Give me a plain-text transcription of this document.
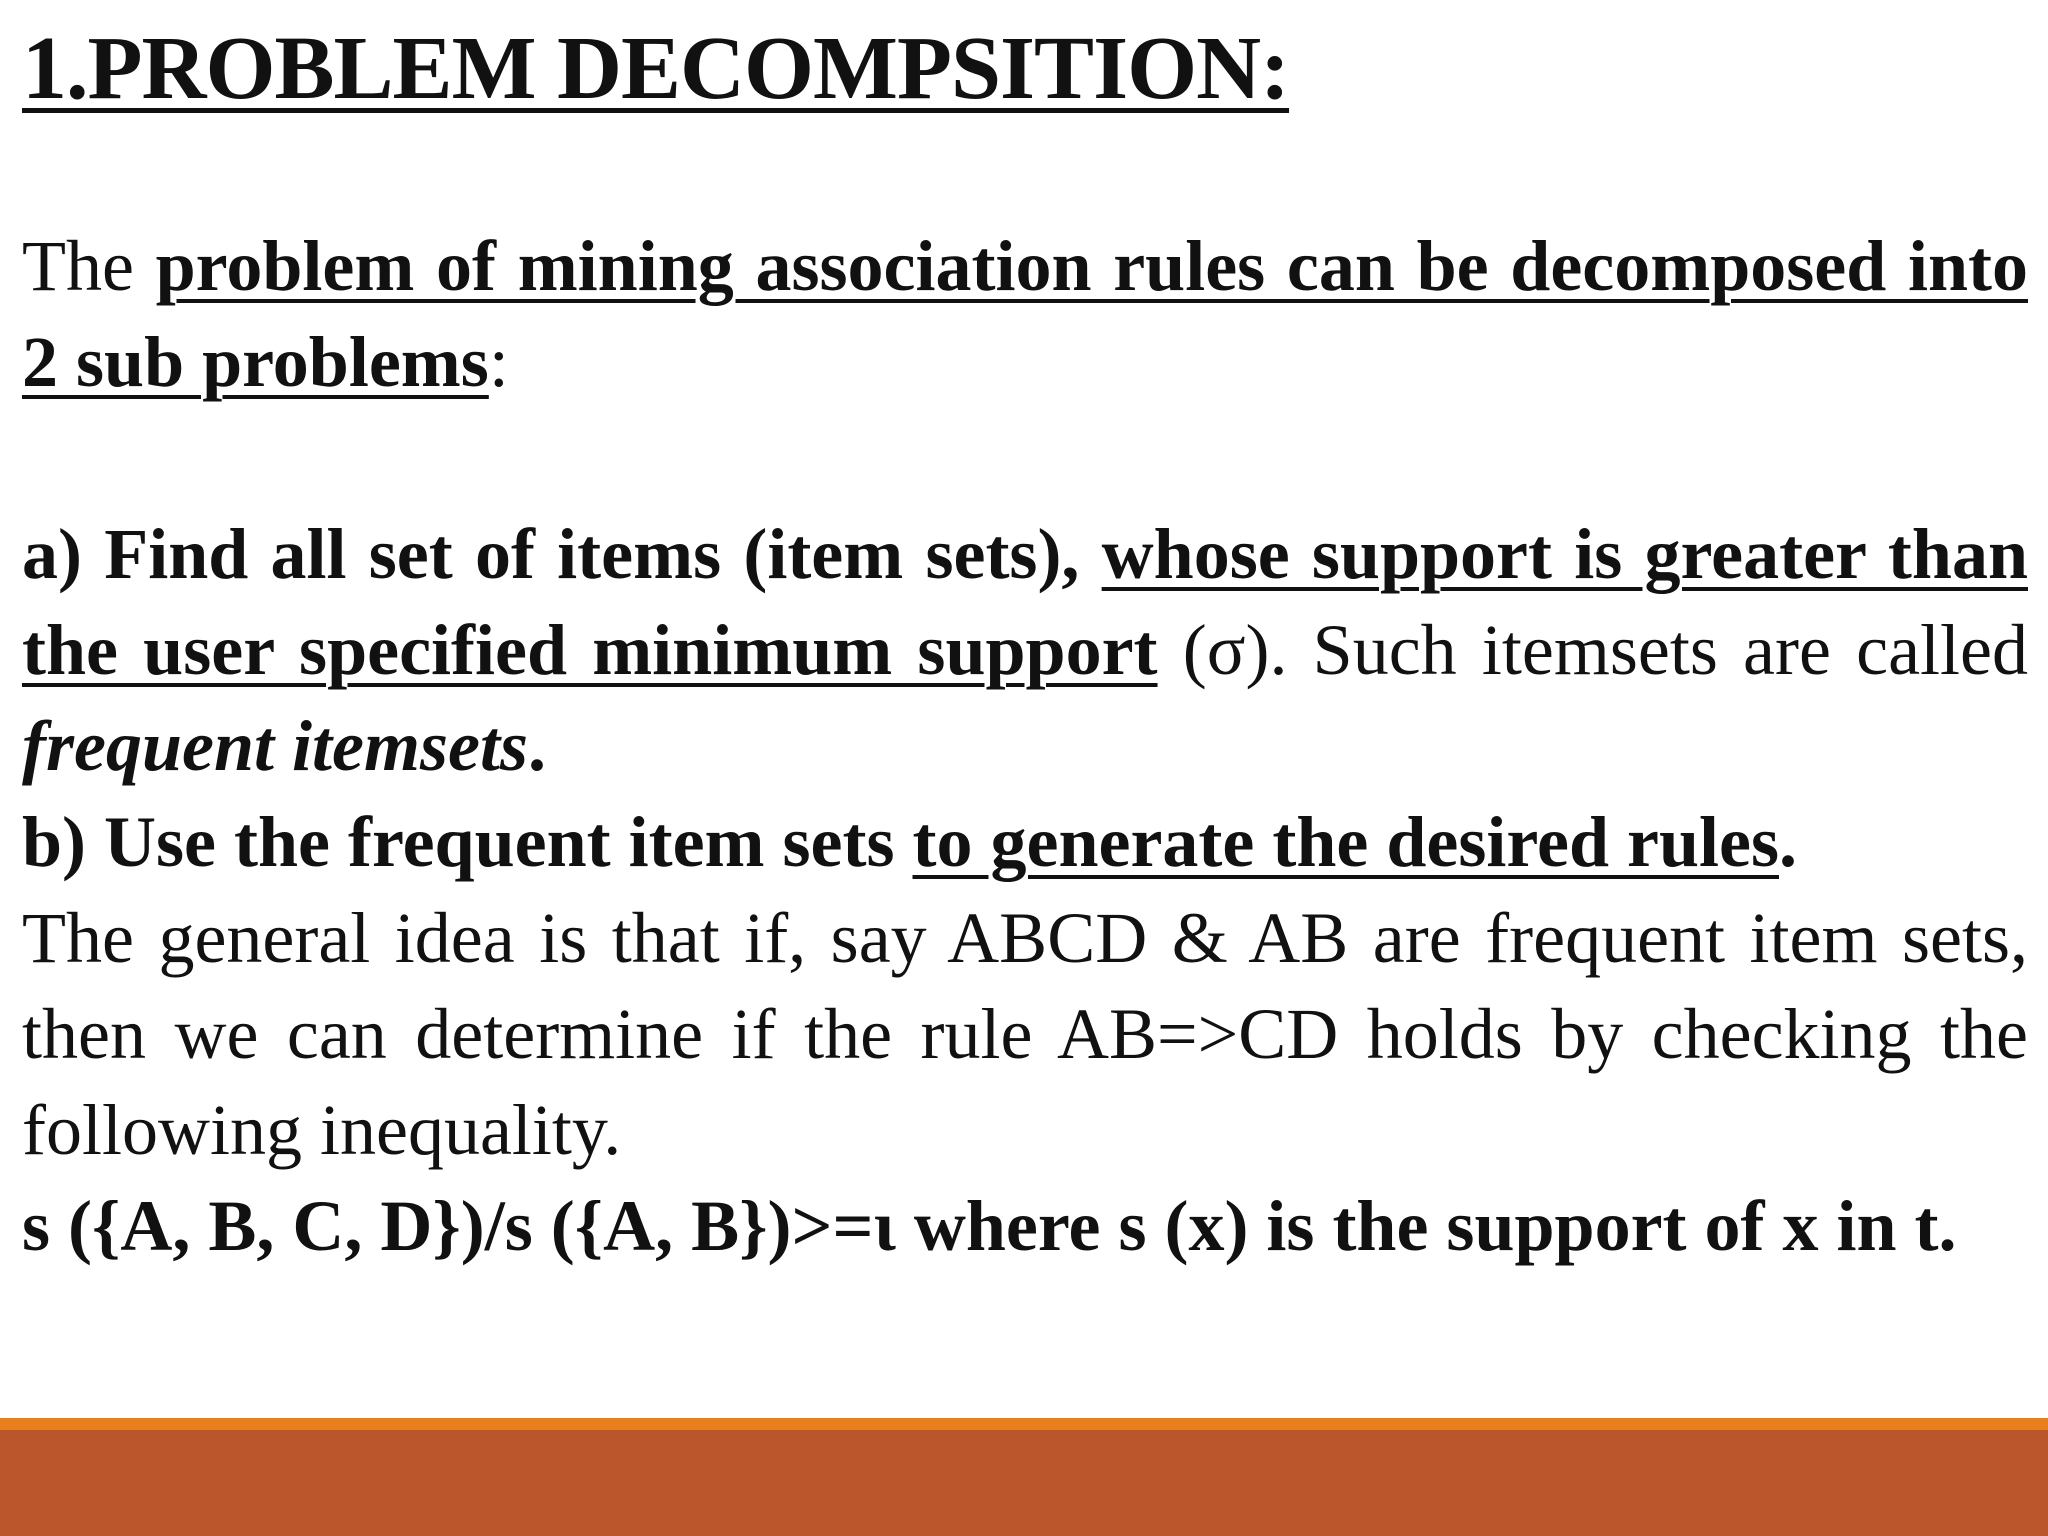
1.PROBLEM DECOMPSITION:

The problem of mining association rules can be decomposed into 2 sub problems:

a) Find all set of items (item sets), whose support is greater than the user specified minimum support (σ). Such itemsets are called frequent itemsets.
b) Use the frequent item sets to generate the desired rules.
The general idea is that if, say ABCD & AB are frequent item sets, then we can determine if the rule AB=>CD holds by checking the following inequality.
s ({A, B, C, D})/s ({A, B})>=ι where s (x) is the support of x in t.
